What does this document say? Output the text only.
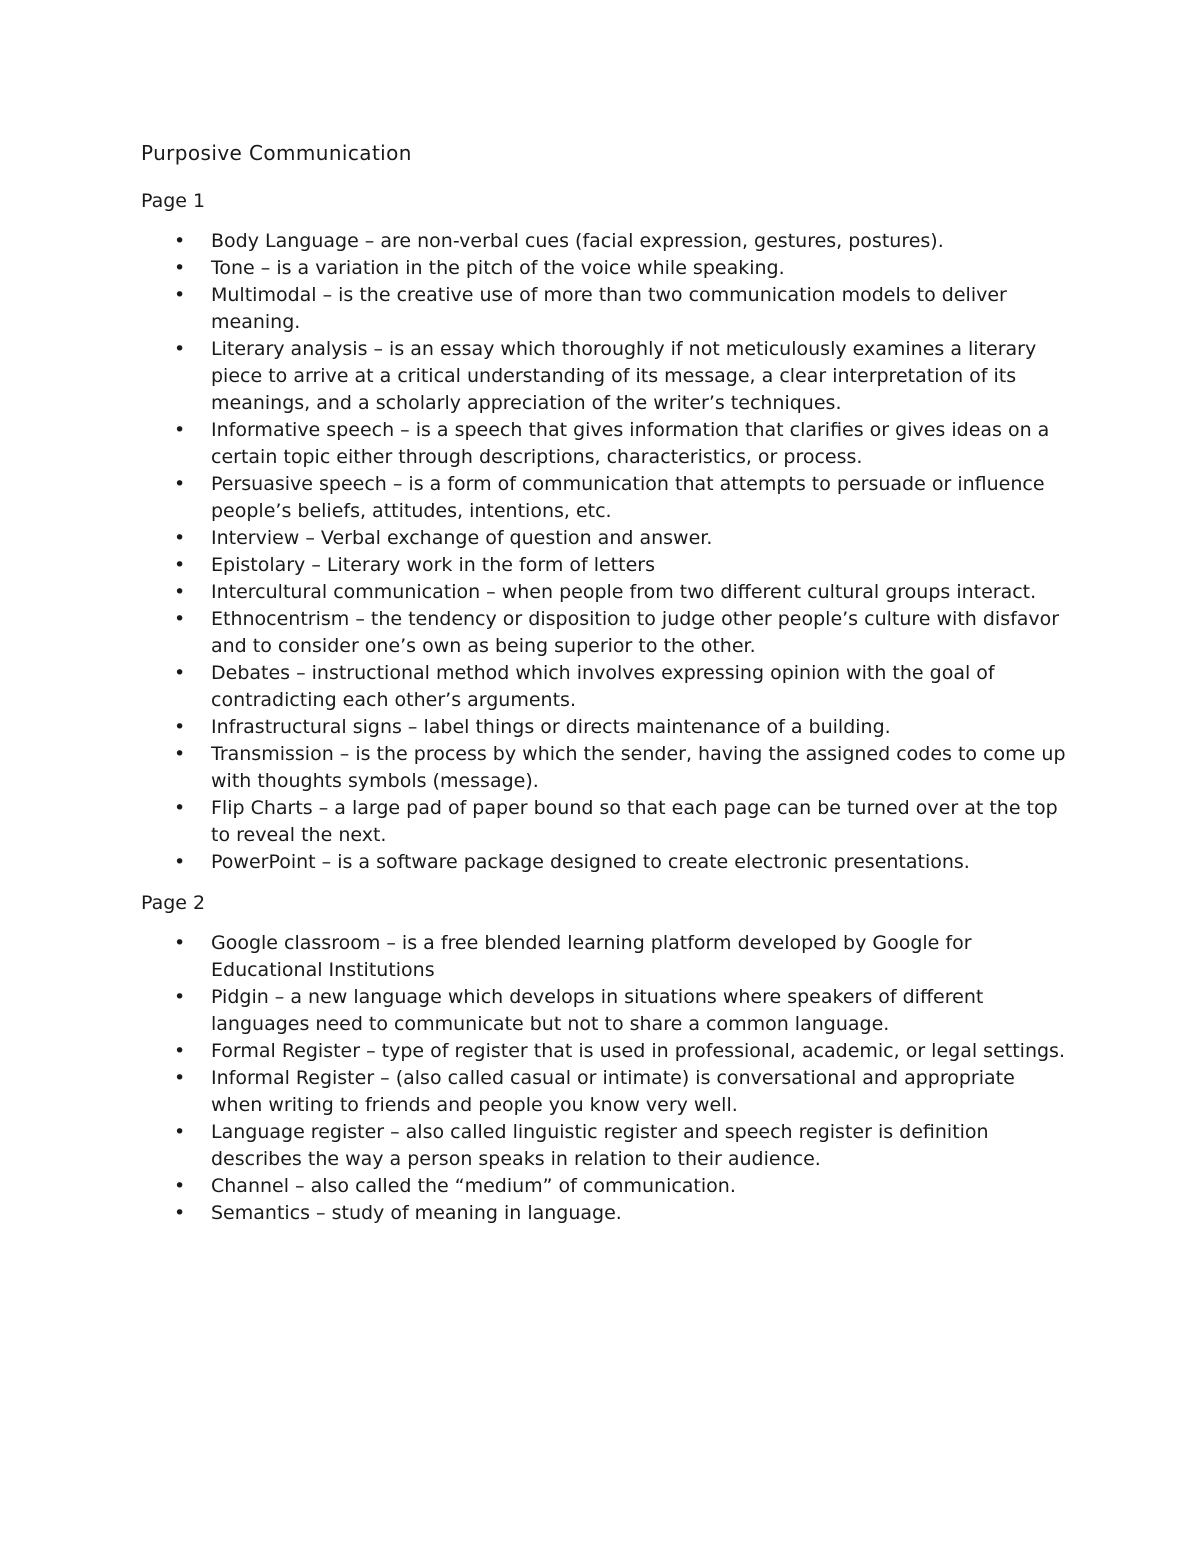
Purposive Communication
Page 1
• Body Language – are non-verbal cues (facial expression, gestures, postures).
• Tone – is a variation in the pitch of the voice while speaking.
• Multimodal – is the creative use of more than two communication models to deliver meaning.
• Literary analysis – is an essay which thoroughly if not meticulously examines a literary piece to arrive at a critical understanding of its message, a clear interpretation of its meanings, and a scholarly appreciation of the writer’s techniques.
• Informative speech – is a speech that gives information that clarifies or gives ideas on a certain topic either through descriptions, characteristics, or process.
• Persuasive speech – is a form of communication that attempts to persuade or influence people’s beliefs, attitudes, intentions, etc.
• Interview – Verbal exchange of question and answer.
• Epistolary – Literary work in the form of letters
• Intercultural communication – when people from two different cultural groups interact.
• Ethnocentrism – the tendency or disposition to judge other people’s culture with disfavor and to consider one’s own as being superior to the other.
• Debates – instructional method which involves expressing opinion with the goal of contradicting each other’s arguments.
• Infrastructural signs – label things or directs maintenance of a building.
• Transmission – is the process by which the sender, having the assigned codes to come up with thoughts symbols (message).
• Flip Charts – a large pad of paper bound so that each page can be turned over at the top to reveal the next.
• PowerPoint – is a software package designed to create electronic presentations.
Page 2
• Google classroom – is a free blended learning platform developed by Google for Educational Institutions
• Pidgin – a new language which develops in situations where speakers of different languages need to communicate but not to share a common language.
• Formal Register – type of register that is used in professional, academic, or legal settings.
• Informal Register – (also called casual or intimate) is conversational and appropriate when writing to friends and people you know very well.
• Language register – also called linguistic register and speech register is definition describes the way a person speaks in relation to their audience.
• Channel – also called the “medium” of communication.
• Semantics – study of meaning in language.
